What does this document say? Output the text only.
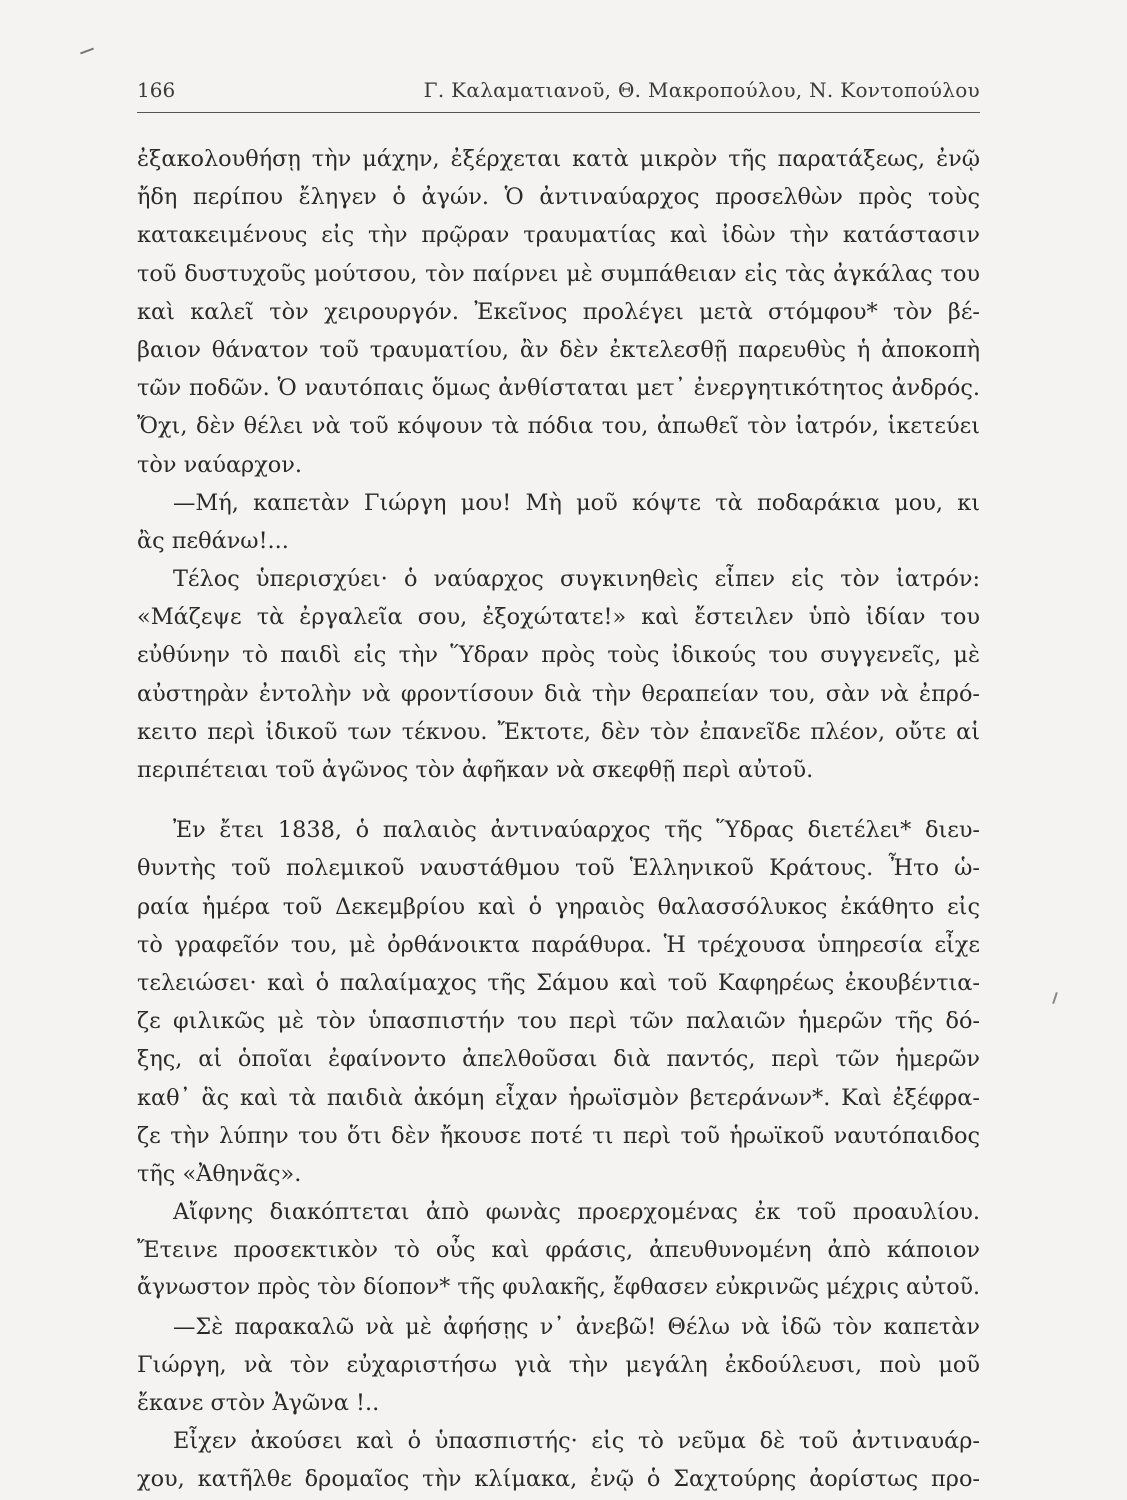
166	Γ. Καλαματιανοῦ, Θ. Μακροπούλου, Ν. Κοντοπούλου
ἐξακολουθήσῃ τὴν μάχην, ἐξέρχεται κατὰ μικρὸν τῆς παρατάξεως, ἐνῷ
ἤδη περίπου ἔληγεν ὁ ἀγών. Ὁ ἀντιναύαρχος προσελθὼν πρὸς τοὺς
κατακειμένους εἰς τὴν πρῷραν τραυματίας καὶ ἰδὼν τὴν κατάστασιν
τοῦ δυστυχοῦς μούτσου, τὸν παίρνει μὲ συμπάθειαν εἰς τὰς ἀγκάλας του
καὶ καλεῖ τὸν χειρουργόν. Ἐκεῖνος προλέγει μετὰ στόμφου* τὸν βέ-
βαιον θάνατον τοῦ τραυματίου, ἂν δὲν ἐκτελεσθῇ παρευθὺς ἡ ἀποκοπὴ
τῶν ποδῶν. Ὁ ναυτόπαις ὅμως ἀνθίσταται μετ᾽ ἐνεργητικότητος ἀνδρός.
Ὄχι, δὲν θέλει νὰ τοῦ κόψουν τὰ πόδια του, ἀπωθεῖ τὸν ἰατρόν, ἱκετεύει
τὸν ναύαρχον.
—Μή, καπετὰν Γιώργη μου! Μὴ μοῦ κόψτε τὰ ποδαράκια μου, κι
ἂς πεθάνω!...
Τέλος ὑπερισχύει· ὁ ναύαρχος συγκινηθεὶς εἶπεν εἰς τὸν ἰατρόν:
«Μάζεψε τὰ ἐργαλεῖα σου, ἐξοχώτατε!» καὶ ἔστειλεν ὑπὸ ἰδίαν του
εὐθύνην τὸ παιδὶ εἰς τὴν Ὕδραν πρὸς τοὺς ἰδικούς του συγγενεῖς, μὲ
αὐστηρὰν ἐντολὴν νὰ φροντίσουν διὰ τὴν θεραπείαν του, σὰν νὰ ἐπρό-
κειτο περὶ ἰδικοῦ των τέκνου. Ἔκτοτε, δὲν τὸν ἐπανεῖδε πλέον, οὔτε αἱ
περιπέτειαι τοῦ ἀγῶνος τὸν ἀφῆκαν νὰ σκεφθῇ περὶ αὐτοῦ.
Ἐν ἔτει 1838, ὁ παλαιὸς ἀντιναύαρχος τῆς Ὕδρας διετέλει* διευ-
θυντὴς τοῦ πολεμικοῦ ναυστάθμου τοῦ Ἑλληνικοῦ Κράτους. Ἦτο ὡ-
ραία ἡμέρα τοῦ Δεκεμβρίου καὶ ὁ γηραιὸς θαλασσόλυκος ἐκάθητο εἰς
τὸ γραφεῖόν του, μὲ ὀρθάνοικτα παράθυρα. Ἡ τρέχουσα ὑπηρεσία εἶχε
τελειώσει· καὶ ὁ παλαίμαχος τῆς Σάμου καὶ τοῦ Καφηρέως ἐκουβέντια-
ζε φιλικῶς μὲ τὸν ὑπασπιστήν του περὶ τῶν παλαιῶν ἡμερῶν τῆς δό-
ξης, αἱ ὁποῖαι ἐφαίνοντο ἀπελθοῦσαι διὰ παντός, περὶ τῶν ἡμερῶν
καθ᾽ ἃς καὶ τὰ παιδιὰ ἀκόμη εἶχαν ἡρωϊσμὸν βετεράνων*. Καὶ ἐξέφρα-
ζε τὴν λύπην του ὅτι δὲν ἤκουσε ποτέ τι περὶ τοῦ ἡρωϊκοῦ ναυτόπαιδος
τῆς «Ἀθηνᾶς».
Αἴφνης διακόπτεται ἀπὸ φωνὰς προερχομένας ἐκ τοῦ προαυλίου.
Ἔτεινε προσεκτικὸν τὸ οὖς καὶ φράσις, ἀπευθυνομένη ἀπὸ κάποιον
ἄγνωστον πρὸς τὸν δίοπον* τῆς φυλακῆς, ἔφθασεν εὐκρινῶς μέχρις αὐτοῦ.
—Σὲ παρακαλῶ νὰ μὲ ἀφήσῃς ν᾽ ἀνεβῶ! Θέλω νὰ ἰδῶ τὸν καπετὰν
Γιώργη, νὰ τὸν εὐχαριστήσω γιὰ τὴν μεγάλη ἐκδούλευσι, ποὺ μοῦ
ἔκανε στὸν Ἀγῶνα !..
Εἶχεν ἀκούσει καὶ ὁ ὑπασπιστής· εἰς τὸ νεῦμα δὲ τοῦ ἀντιναυάρ-
χου, κατῆλθε δρομαῖος τὴν κλίμακα, ἐνῷ ὁ Σαχτούρης ἀορίστως προ-
